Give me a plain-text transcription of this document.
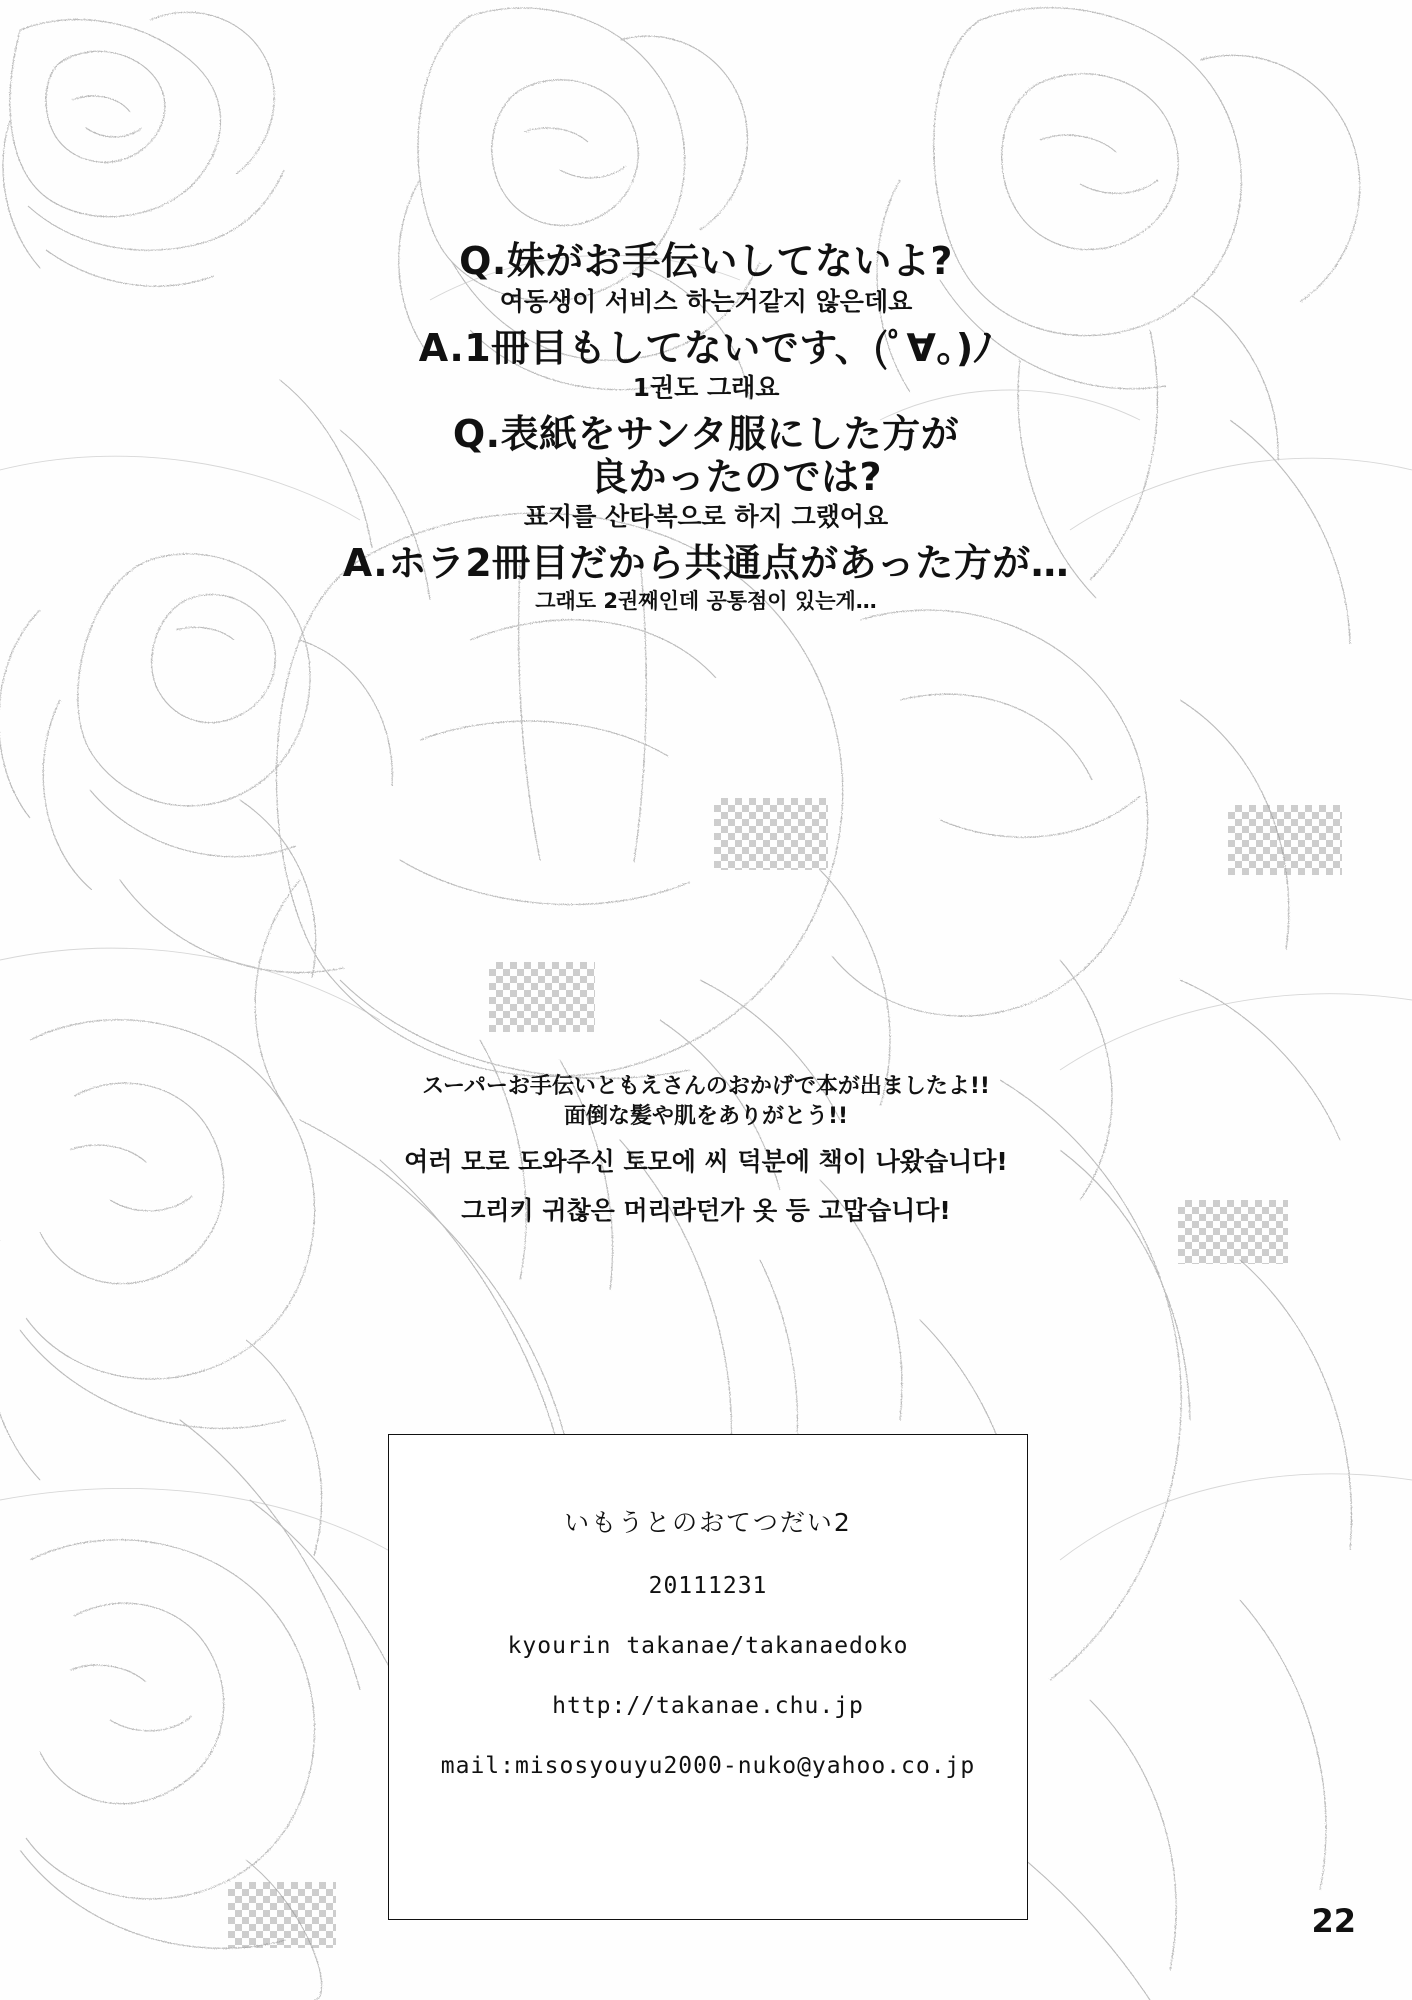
Q.妹がお手伝いしてないよ?
여동생이 서비스 하는거같지 않은데요
A.1冊目もしてないです、(ﾟ∀｡)ﾉ
1권도 그래요
Q.表紙をサンタ服にした方が
良かったのでは?
표지를 산타복으로 하지 그랬어요
A.ホラ2冊目だから共通点があった方が…
그래도 2권째인데 공통점이 있는게…
スーパーお手伝いともえさんのおかげで本が出ましたよ!!
面倒な髪や肌をありがとう!!
여러 모로 도와주신 토모에 씨 덕분에 책이 나왔습니다!
그리키 귀찮은 머리라던가 옷 등 고맙습니다!
いもうとのおてつだい2
20111231
kyourin takanae/takanaedoko
http://takanae.chu.jp
mail:misosyouyu2000-nuko@yahoo.co.jp
22
